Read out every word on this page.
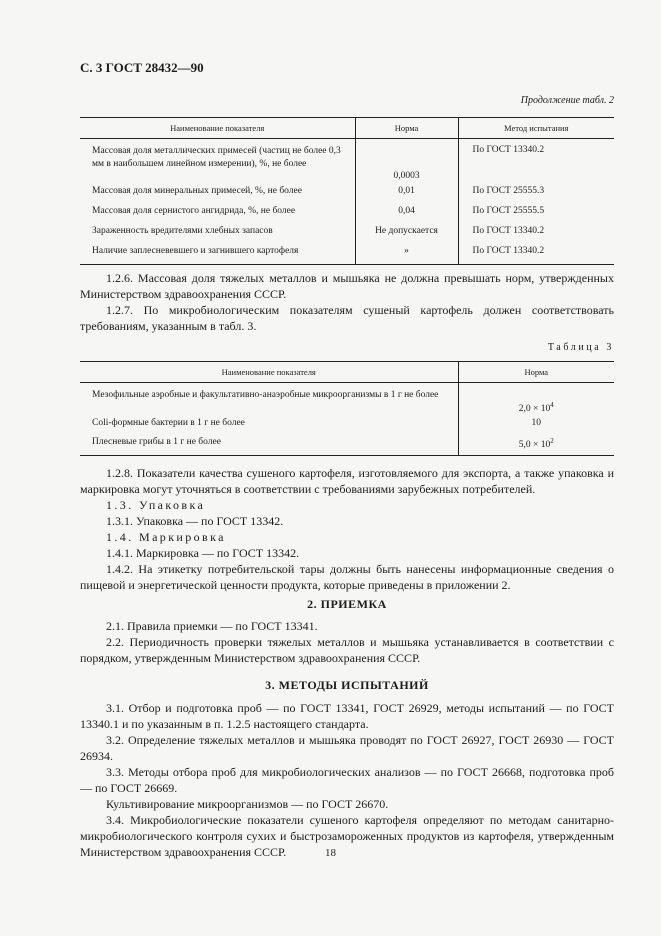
С. 3 ГОСТ 28432—90
Продолжение табл. 2
Наименование показателя	Норма	Метод испытания
Массовая доля металлических примесей (частиц не более 0,3 мм в наибольшем линейном измерении), %, не более	0,0003	По ГОСТ 13340.2
Массовая доля минеральных примесей, %, не более	0,01	По ГОСТ 25555.3
Массовая доля сернистого ангидрида, %, не более	0,04	По ГОСТ 25555.5
Зараженность вредителями хлебных запасов	Не допускается	По ГОСТ 13340.2
Наличие заплесневевшего и загнившего картофеля	»	По ГОСТ 13340.2

1.2.6. Массовая доля тяжелых металлов и мышьяка не должна превышать норм, утвержденных Министерством здравоохранения СССР.

1.2.7. По микробиологическим показателям сушеный картофель должен соответствовать требованиям, указанным в табл. 3.

Таблица 3
Наименование показателя	Норма
Мезофильные аэробные и факультативно-анаэробные микроорганизмы в 1 г не более	$2,0 \times 10^4$
Coli-формные бактерии в 1 г не более	10
Плесневые грибы в 1 г не более	$5,0 \times 10^2$

1.2.8. Показатели качества сушеного картофеля, изготовляемого для экспорта, а также упаковка и маркировка могут уточняться в соответствии с требованиями зарубежных потребителей.

1.3. Упаковка

1.3.1. Упаковка — по ГОСТ 13342.

1.4. Маркировка

1.4.1. Маркировка — по ГОСТ 13342.

1.4.2. На этикетку потребительской тары должны быть нанесены информационные сведения о пищевой и энергетической ценности продукта, которые приведены в приложении 2.

2. ПРИЕМКА

2.1. Правила приемки — по ГОСТ 13341.

2.2. Периодичность проверки тяжелых металлов и мышьяка устанавливается в соответствии с порядком, утвержденным Министерством здравоохранения СССР.

3. МЕТОДЫ ИСПЫТАНИЙ

3.1. Отбор и подготовка проб — по ГОСТ 13341, ГОСТ 26929, методы испытаний — по ГОСТ 13340.1 и по указанным в п. 1.2.5 настоящего стандарта.

3.2. Определение тяжелых металлов и мышьяка проводят по ГОСТ 26927, ГОСТ 26930 — ГОСТ 26934.

3.3. Методы отбора проб для микробиологических анализов — по ГОСТ 26668, подготовка проб — по ГОСТ 26669.

Культивирование микроорганизмов — по ГОСТ 26670.

3.4. Микробиологические показатели сушеного картофеля определяют по методам санитарно-микробиологического контроля сухих и быстрозамороженных продуктов из картофеля, утвержденным Министерством здравоохранения СССР.	18
